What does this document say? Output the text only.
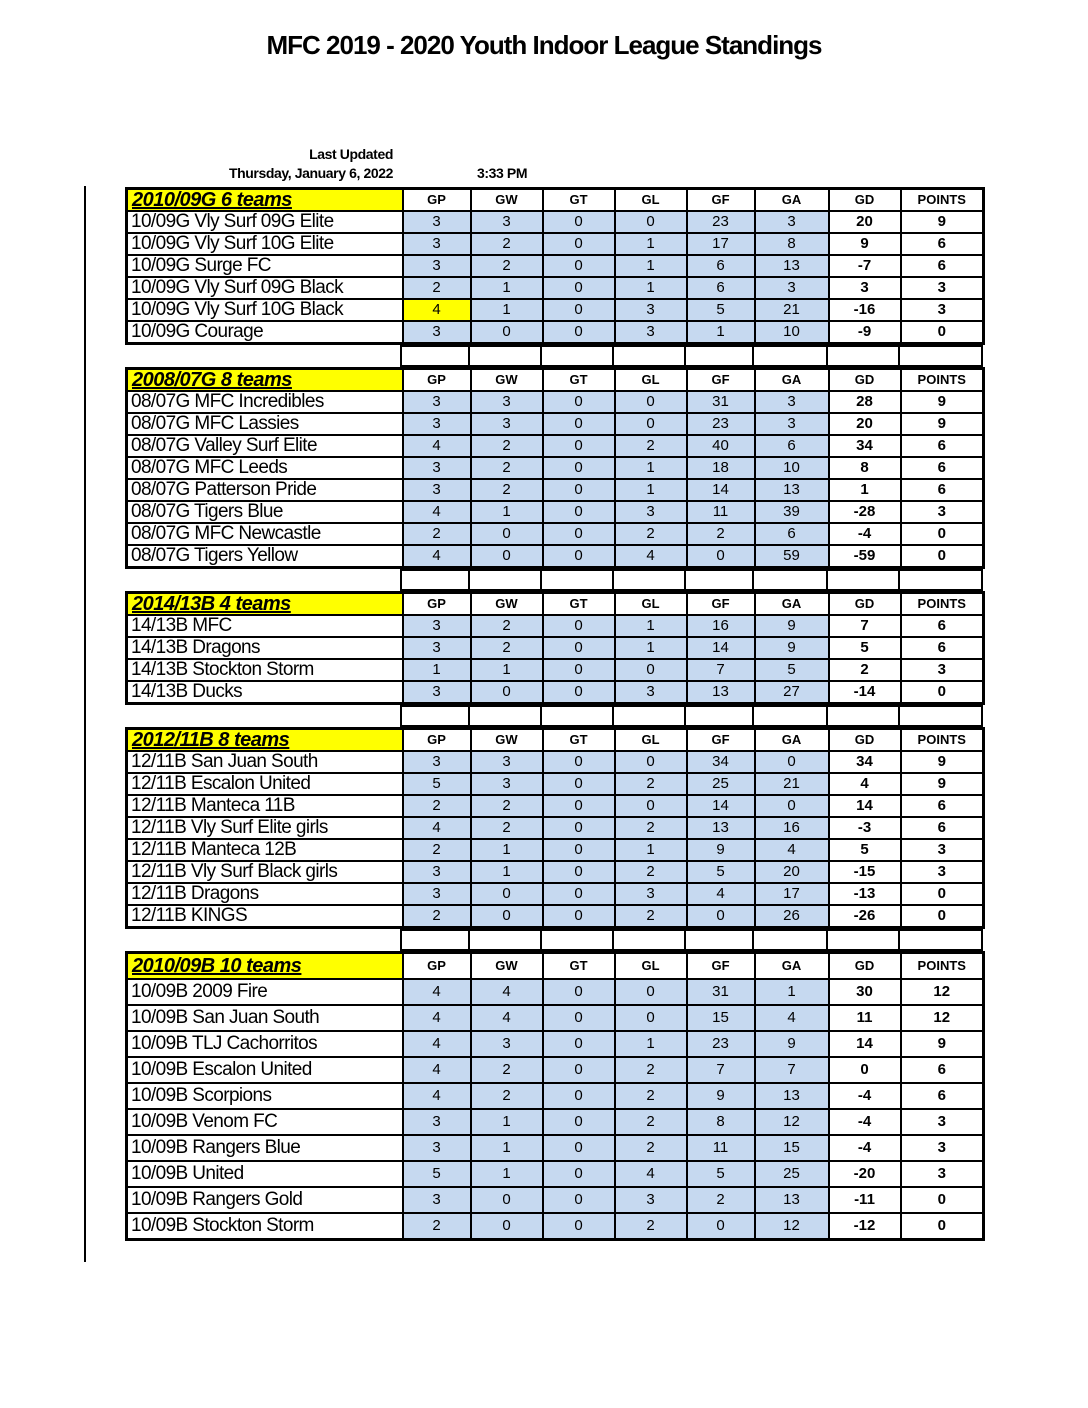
MFC 2019 - 2020 Youth Indoor League Standings
Last Updated
Thursday, January 6, 2022	3:33 PM
2010/09G 6 teams	GP	GW	GT	GL	GF	GA	GD	POINTS
10/09G Vly Surf 09G Elite	3	3	0	0	23	3	20	9
10/09G Vly Surf 10G Elite	3	2	0	1	17	8	9	6
10/09G Surge FC	3	2	0	1	6	13	-7	6
10/09G Vly Surf 09G Black	2	1	0	1	6	3	3	3
10/09G Vly Surf 10G Black	4	1	0	3	5	21	-16	3
10/09G Courage	3	0	0	3	1	10	-9	0

2008/07G 8 teams	GP	GW	GT	GL	GF	GA	GD	POINTS
08/07G MFC Incredibles	3	3	0	0	31	3	28	9
08/07G MFC Lassies	3	3	0	0	23	3	20	9
08/07G Valley Surf Elite	4	2	0	2	40	6	34	6
08/07G MFC Leeds	3	2	0	1	18	10	8	6
08/07G Patterson Pride	3	2	0	1	14	13	1	6
08/07G Tigers Blue	4	1	0	3	11	39	-28	3
08/07G MFC Newcastle	2	0	0	2	2	6	-4	0
08/07G Tigers Yellow	4	0	0	4	0	59	-59	0

2014/13B 4 teams	GP	GW	GT	GL	GF	GA	GD	POINTS
14/13B MFC	3	2	0	1	16	9	7	6
14/13B Dragons	3	2	0	1	14	9	5	6
14/13B Stockton Storm	1	1	0	0	7	5	2	3
14/13B Ducks	3	0	0	3	13	27	-14	0

2012/11B 8 teams	GP	GW	GT	GL	GF	GA	GD	POINTS
12/11B San Juan South	3	3	0	0	34	0	34	9
12/11B Escalon United	5	3	0	2	25	21	4	9
12/11B Manteca 11B	2	2	0	0	14	0	14	6
12/11B Vly Surf Elite girls	4	2	0	2	13	16	-3	6
12/11B Manteca 12B	2	1	0	1	9	4	5	3
12/11B Vly Surf Black girls	3	1	0	2	5	20	-15	3
12/11B Dragons	3	0	0	3	4	17	-13	0
12/11B KINGS	2	0	0	2	0	26	-26	0

2010/09B 10 teams	GP	GW	GT	GL	GF	GA	GD	POINTS
10/09B 2009 Fire	4	4	0	0	31	1	30	12
10/09B San Juan South	4	4	0	0	15	4	11	12
10/09B TLJ Cachorritos	4	3	0	1	23	9	14	9
10/09B Escalon United	4	2	0	2	7	7	0	6
10/09B Scorpions	4	2	0	2	9	13	-4	6
10/09B Venom FC	3	1	0	2	8	12	-4	3
10/09B Rangers Blue	3	1	0	2	11	15	-4	3
10/09B United	5	1	0	4	5	25	-20	3
10/09B Rangers Gold	3	0	0	3	2	13	-11	0
10/09B Stockton Storm	2	0	0	2	0	12	-12	0
